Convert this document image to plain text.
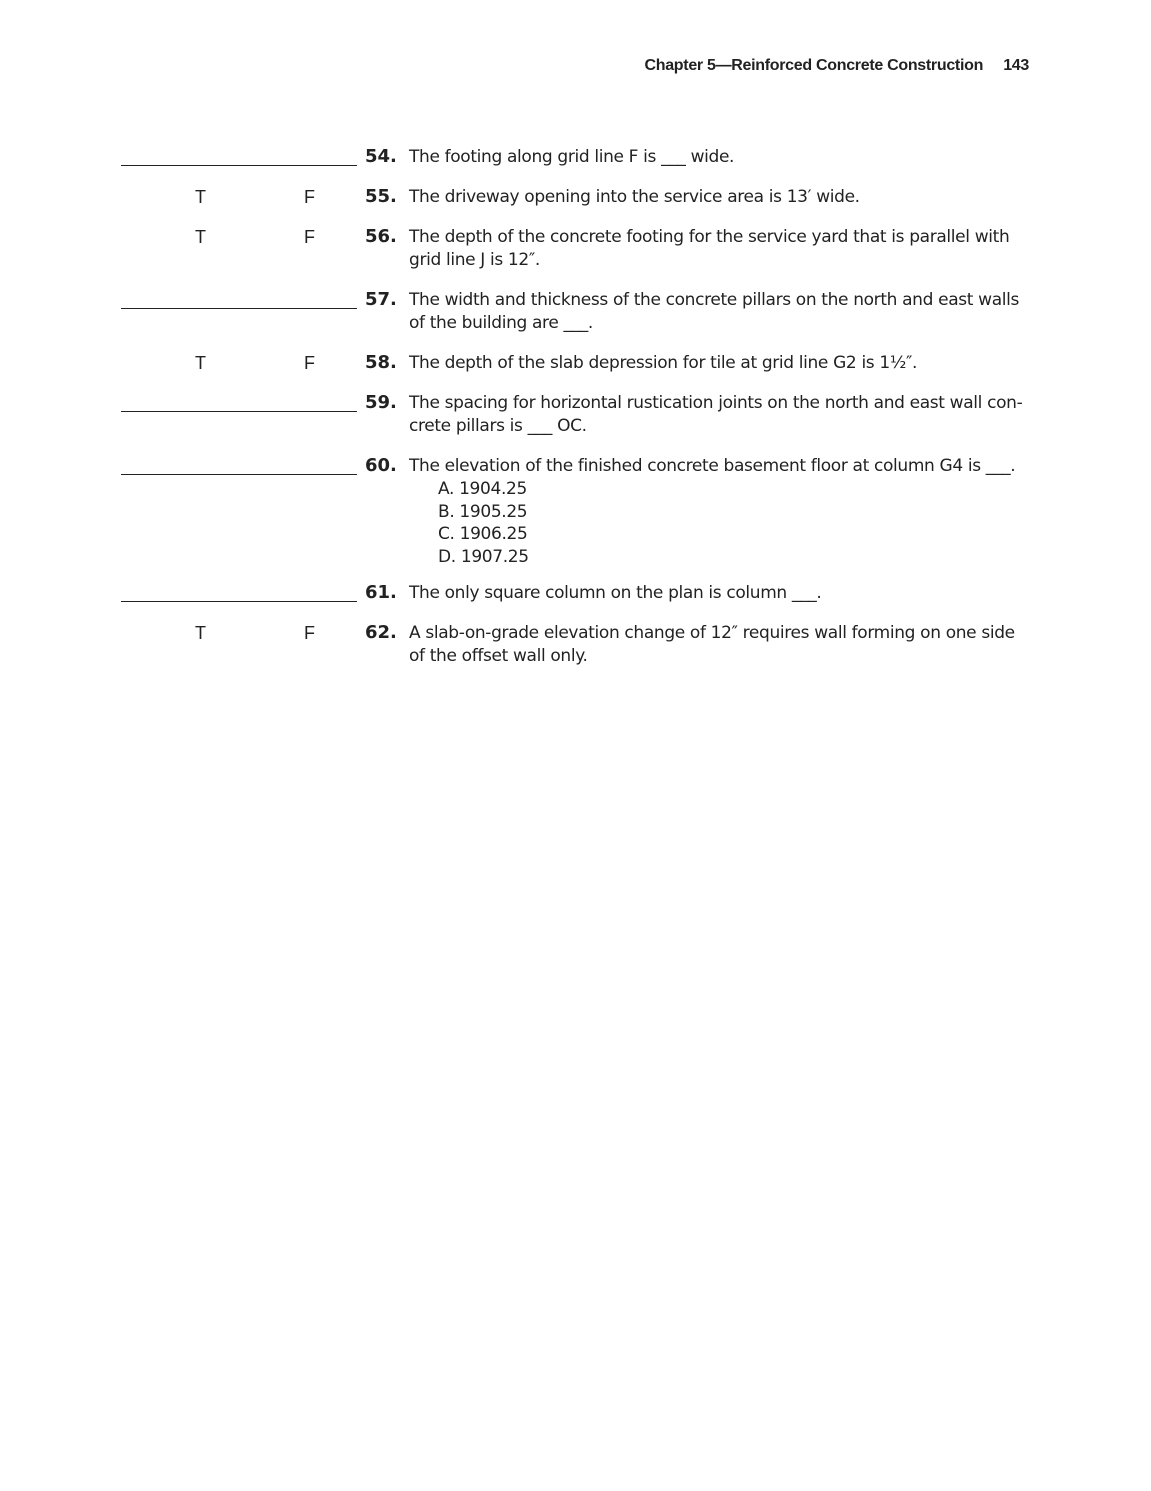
Chapter 5—Reinforced Concrete Construction 143
54. The footing along grid line F is ___ wide.
T	F	55. The driveway opening into the service area is 13′ wide.
T	F	56. The depth of the concrete footing for the service yard that is parallel with grid line J is 12″.
57. The width and thickness of the concrete pillars on the north and east walls of the building are ___.
T	F	58. The depth of the slab depression for tile at grid line G2 is 1½″.
59. The spacing for horizontal rustication joints on the north and east wall con-crete pillars is ___ OC.
60. The elevation of the finished concrete basement floor at column G4 is ___.
A. 1904.25
B. 1905.25
C. 1906.25
D. 1907.25
61. The only square column on the plan is column ___.
T	F	62. A slab-on-grade elevation change of 12″ requires wall forming on one side of the offset wall only.
